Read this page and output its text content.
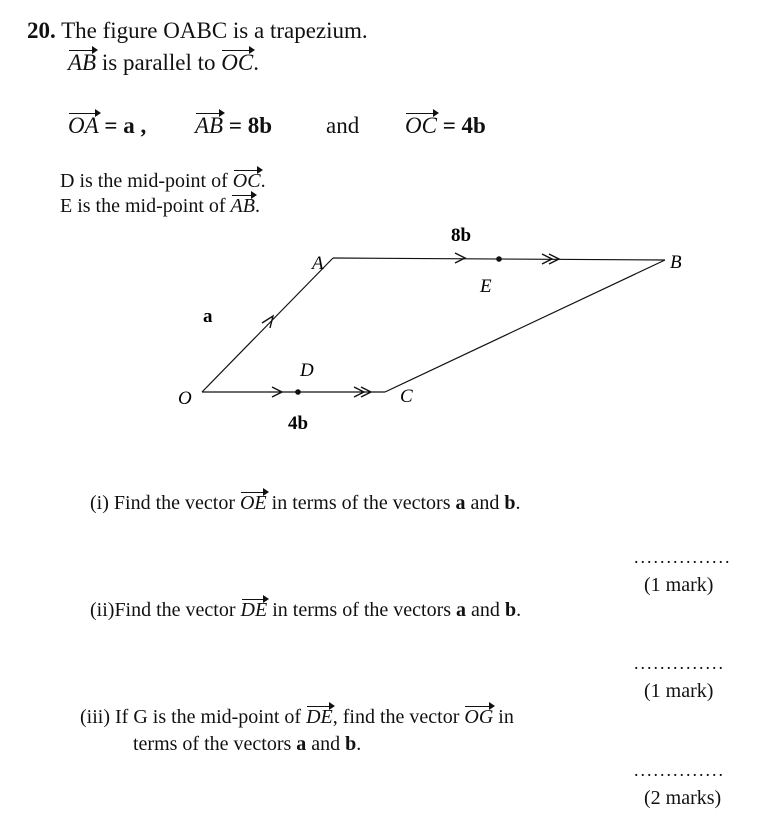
20. The figure OABC is a trapezium.
AB is parallel to OC.
OA = a , AB = 8b and OC = 4b
D is the mid-point of OC.
E is the mid-point of AB.
O
A	B
C
D
E
a
8b
4b
(i) Find the vector OE in terms of the vectors a and b.
...............
(1 mark)
(ii)Find the vector DE in terms of the vectors a and b.
..............
(1 mark)
(iii) If G is the mid-point of DE, find the vector OG in
terms of the vectors a and b.
..............
(2 marks)
